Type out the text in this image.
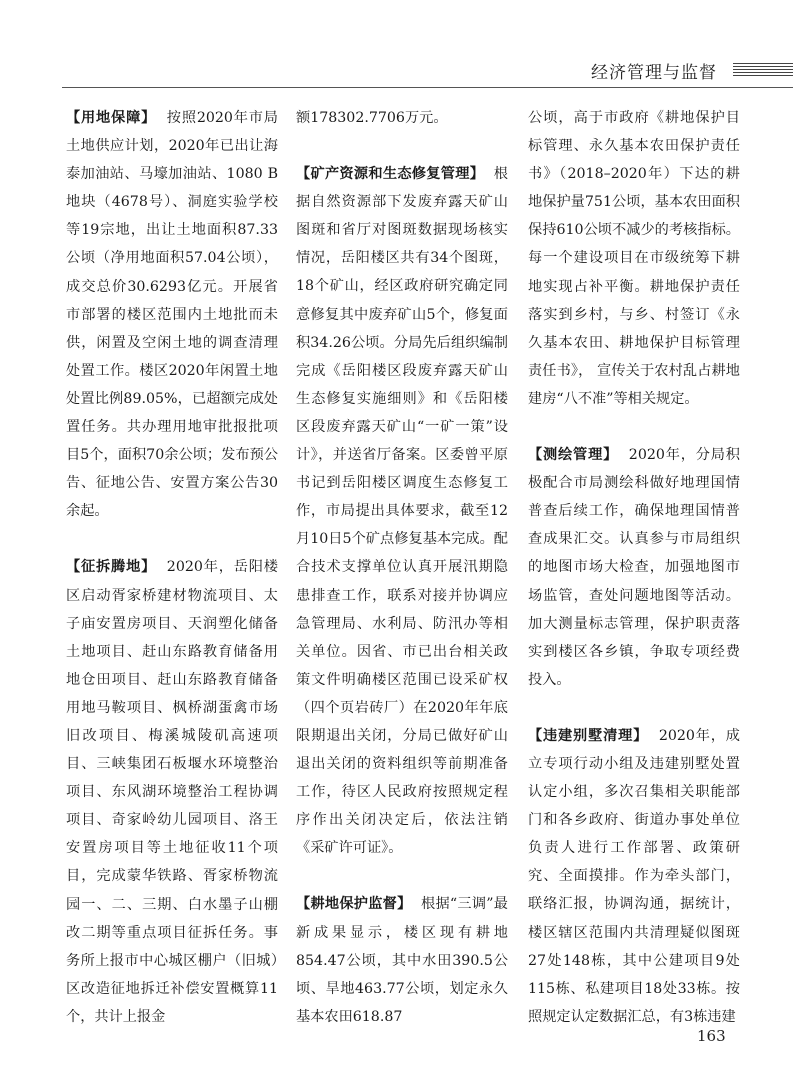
经济管理与监督

【用地保障】 按照2020年市局土地供应计划，2020年已出让海泰加油站、马壕加油站、1080 B 地块（4678号）、洞庭实验学校等19宗地，出让土地面积87.33公顷（净用地面积57.04公顷），成交总价30.6293亿元。开展省市部署的楼区范围内土地批而未供，闲置及空闲土地的调查清理处置工作。楼区2020年闲置土地处置比例89.05%，已超额完成处置任务。共办理用地审批报批项目5个，面积70余公顷；发布预公告、征地公告、安置方案公告30余起。

【征拆腾地】 2020年，岳阳楼区启动胥家桥建材物流项目、太子庙安置房项目、天润塑化储备土地项目、赶山东路教育储备用地仓田项目、赶山东路教育储备用地马鞍项目、枫桥湖蛋禽市场旧改项目、梅溪城陵矶高速项目、三峡集团石板堰水环境整治项目、东风湖环境整治工程协调项目、奇家岭幼儿园项目、洛王安置房项目等土地征收11个项目，完成蒙华铁路、胥家桥物流园一、二、三期、白水墨子山棚改二期等重点项目征拆任务。事务所上报市中心城区棚户（旧城）区改造征地拆迁补偿安置概算11个，共计上报金

额178302.7706万元。

【矿产资源和生态修复管理】 根据自然资源部下发废弃露天矿山图斑和省厅对图斑数据现场核实情况，岳阳楼区共有34个图斑，18个矿山，经区政府研究确定同意修复其中废弃矿山5个，修复面积34.26公顷。分局先后组织编制完成《岳阳楼区段废弃露天矿山生态修复实施细则》和《岳阳楼区段废弃露天矿山“一矿一策”设计》，并送省厅备案。区委曾平原书记到岳阳楼区调度生态修复工作，市局提出具体要求，截至12月10日5个矿点修复基本完成。配合技术支撑单位认真开展汛期隐患排查工作，联系对接并协调应急管理局、水利局、防汛办等相关单位。因省、市已出台相关政策文件明确楼区范围已设采矿权（四个页岩砖厂）在2020年年底限期退出关闭，分局已做好矿山退出关闭的资料组织等前期准备工作，待区人民政府按照规定程序作出关闭决定后，依法注销《采矿许可证》。

【耕地保护监督】 根据“三调”最新成果显示，楼区现有耕地854.47公顷，其中水田390.5公顷、旱地463.77公顷，划定永久基本农田618.87

公顷，高于市政府《耕地保护目标管理、永久基本农田保护责任书》（2018–2020年）下达的耕地保护量751公顷，基本农田面积保持610公顷不减少的考核指标。每一个建设项目在市级统筹下耕地实现占补平衡。耕地保护责任落实到乡村，与乡、村签订《永久基本农田、耕地保护目标管理责任书》， 宣传关于农村乱占耕地建房“八不准”等相关规定。

【测绘管理】 2020年，分局积极配合市局测绘科做好地理国情普查后续工作，确保地理国情普查成果汇交。认真参与市局组织的地图市场大检查，加强地图市场监管，查处问题地图等活动。加大测量标志管理，保护职责落实到楼区各乡镇，争取专项经费投入。

【违建别墅清理】 2020年，成立专项行动小组及违建别墅处置认定小组，多次召集相关职能部门和各乡政府、街道办事处单位负责人进行工作部署、政策研究、全面摸排。作为牵头部门，联络汇报，协调沟通，据统计，楼区辖区范围内共清理疑似图斑27处148栋，其中公建项目9处115栋、私建项目18处33栋。按照规定认定数据汇总，有3栋违建

163
